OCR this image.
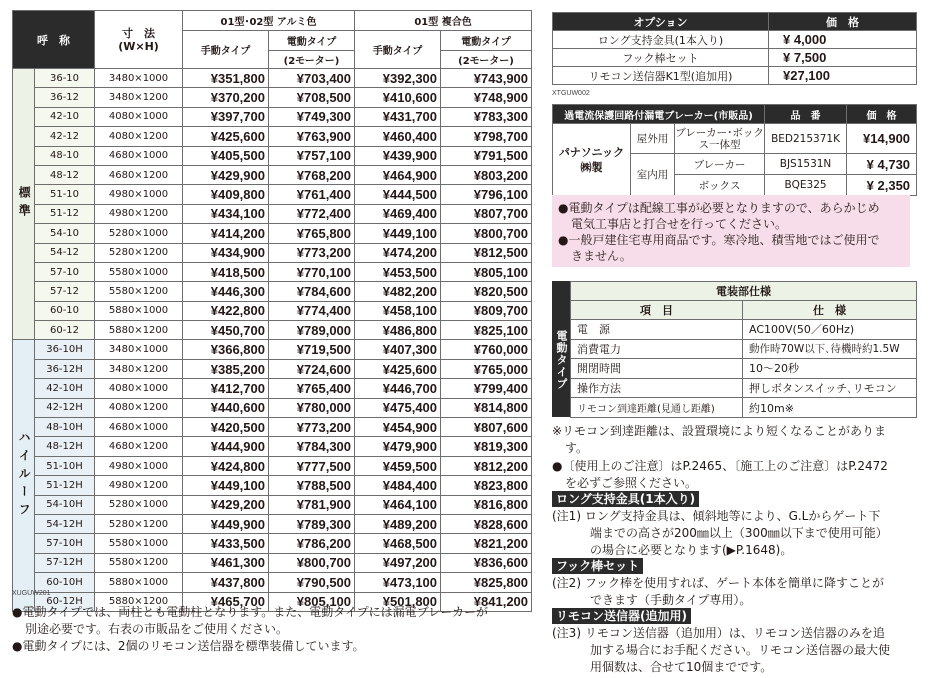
呼　称		寸　法
(W×H)	01型･02型 アルミ色		01型 複合色	
			手動タイプ	電動タイプ	手動タイプ	電動タイプ
				(2モーター)		(2モーター)
標準	36-10	3480×1000	¥351,800	¥703,400	¥392,300	¥743,900
	36-12	3480×1200	¥370,200	¥708,500	¥410,600	¥748,900
	42-10	4080×1000	¥397,700	¥749,300	¥431,700	¥783,300
	42-12	4080×1200	¥425,600	¥763,900	¥460,400	¥798,700
	48-10	4680×1000	¥405,500	¥757,100	¥439,900	¥791,500
	48-12	4680×1200	¥429,900	¥768,200	¥464,900	¥803,200
	51-10	4980×1000	¥409,800	¥761,400	¥444,500	¥796,100
	51-12	4980×1200	¥434,100	¥772,400	¥469,400	¥807,700
	54-10	5280×1000	¥414,200	¥765,800	¥449,100	¥800,700
	54-12	5280×1200	¥434,900	¥773,200	¥474,200	¥812,500
	57-10	5580×1000	¥418,500	¥770,100	¥453,500	¥805,100
	57-12	5580×1200	¥446,300	¥784,600	¥482,200	¥820,500
	60-10	5880×1000	¥422,800	¥774,400	¥458,100	¥809,700
	60-12	5880×1200	¥450,700	¥789,000	¥486,800	¥825,100
ハイルーフ	36-10H	3480×1000	¥366,800	¥719,500	¥407,300	¥760,000
	36-12H	3480×1200	¥385,200	¥724,600	¥425,600	¥765,000
	42-10H	4080×1000	¥412,700	¥765,400	¥446,700	¥799,400
	42-12H	4080×1200	¥440,600	¥780,000	¥475,400	¥814,800
	48-10H	4680×1000	¥420,500	¥773,200	¥454,900	¥807,600
	48-12H	4680×1200	¥444,900	¥784,300	¥479,900	¥819,300
	51-10H	4980×1000	¥424,800	¥777,500	¥459,500	¥812,200
	51-12H	4980×1200	¥449,100	¥788,500	¥484,400	¥823,800
	54-10H	5280×1000	¥429,200	¥781,900	¥464,100	¥816,800
	54-12H	5280×1200	¥449,900	¥789,300	¥489,200	¥828,600
	57-10H	5580×1000	¥433,500	¥786,200	¥468,500	¥821,200
	57-12H	5580×1200	¥461,300	¥800,700	¥497,200	¥836,600
	60-10H	5880×1000	¥437,800	¥790,500	¥473,100	¥825,800
	60-12H	5880×1200	¥465,700	¥805,100	¥501,800	¥841,200
XUGUW201
オプション	価　格
ロング支持金具(1本入り)	¥ 4,000
フック棒セット	¥ 7,500
リモコン送信器K1型(追加用)	¥27,100
XTGUW002
過電流保護回路付漏電ブレーカー(市販品)			品　番	価　格
パナソニック
㈱製	屋外用	ブレーカー･ボックス一体型	BED215371K	¥14,900
	室内用	ブレーカー	BJS1531N	¥ 4,730
		ボックス	BQE325	¥ 2,350

●電動タイプは配線工事が必要となりますので、あらかじめ

電気工事店と打合せを行ってください。

●一般戸建住宅専用商品です。寒冷地、積雪地ではご使用で

きません。

電動タイプ
電装部仕様	
項　目	仕　様
電　源	AC100V(50／60Hz)
消費電力	動作時70W以下､待機時約1.5W
開閉時間	10～20秒
操作方法	押しボタンスイッチ､リモコン
リモコン到達距離(見通し距離)	約10m※
※リモコン到達距離は、設置環境により短くなることがありま
す。
●〔使用上のご注意〕はP.2465、〔施工上のご注意〕はP.2472
を必ずご参照ください。
ロング支持金具(1本入り)
(注1) ロング支持金具は、傾斜地等により、G.Lからゲート下
端までの高さが200㎜以上（300㎜以下まで使用可能）
の場合に必要となります(▶P.1648)。
フック棒セット
(注2) フック棒を使用すれば、ゲート本体を簡単に降すことが
できます（手動タイプ専用）。
リモコン送信器(追加用)
(注3) リモコン送信器（追加用）は、リモコン送信器のみを追
加する場合にお手配ください。リモコン送信器の最大使
用個数は、合せて10個までです。
●電動タイプでは、両柱とも電動柱となります。また、電動タイプには漏電ブレーカーが
別途必要です。右表の市販品をご使用ください。
●電動タイプには、2個のリモコン送信器を標準装備しています。
